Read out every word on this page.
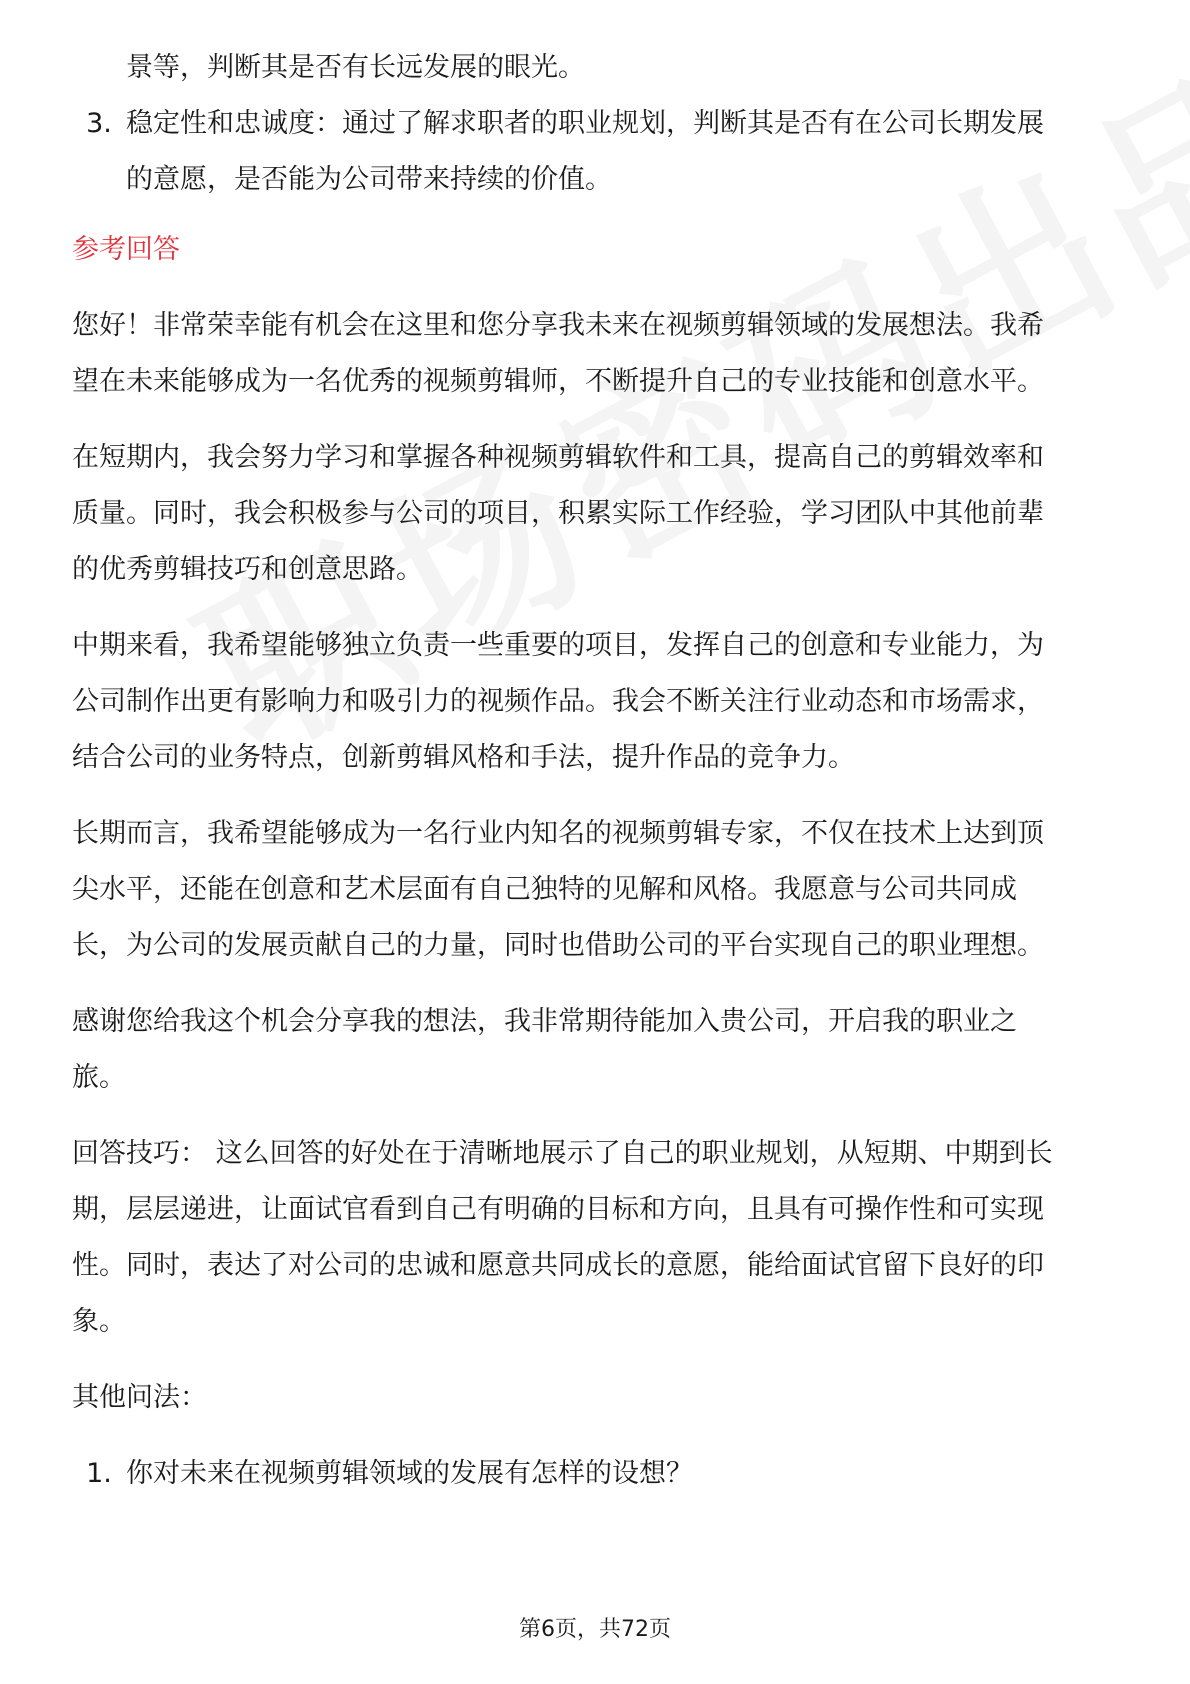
景等，判断其是否有长远发展的眼光。

3. 稳定性和忠诚度：通过了解求职者的职业规划，判断其是否有在公司长期发展

的意愿，是否能为公司带来持续的价值。

参考回答
您好！非常荣幸能有机会在这里和您分享我未来在视频剪辑领域的发展想法。我希
望在未来能够成为一名优秀的视频剪辑师，不断提升自己的专业技能和创意水平。
在短期内，我会努力学习和掌握各种视频剪辑软件和工具，提高自己的剪辑效率和
质量。同时，我会积极参与公司的项目，积累实际工作经验，学习团队中其他前辈
的优秀剪辑技巧和创意思路。
中期来看，我希望能够独立负责一些重要的项目，发挥自己的创意和专业能力，为
公司制作出更有影响力和吸引力的视频作品。我会不断关注行业动态和市场需求，
结合公司的业务特点，创新剪辑风格和手法，提升作品的竞争力。
长期而言，我希望能够成为一名行业内知名的视频剪辑专家，不仅在技术上达到顶
尖水平，还能在创意和艺术层面有自己独特的见解和风格。我愿意与公司共同成
长，为公司的发展贡献自己的力量，同时也借助公司的平台实现自己的职业理想。
感谢您给我这个机会分享我的想法，我非常期待能加入贵公司，开启我的职业之
旅。
回答技巧： 这么回答的好处在于清晰地展示了自己的职业规划，从短期、中期到长
期，层层递进，让面试官看到自己有明确的目标和方向，且具有可操作性和可实现
性。同时，表达了对公司的忠诚和愿意共同成长的意愿，能给面试官留下良好的印
象。
其他问法：
1. 你对未来在视频剪辑领域的发展有怎样的设想？
第6页，共72页
